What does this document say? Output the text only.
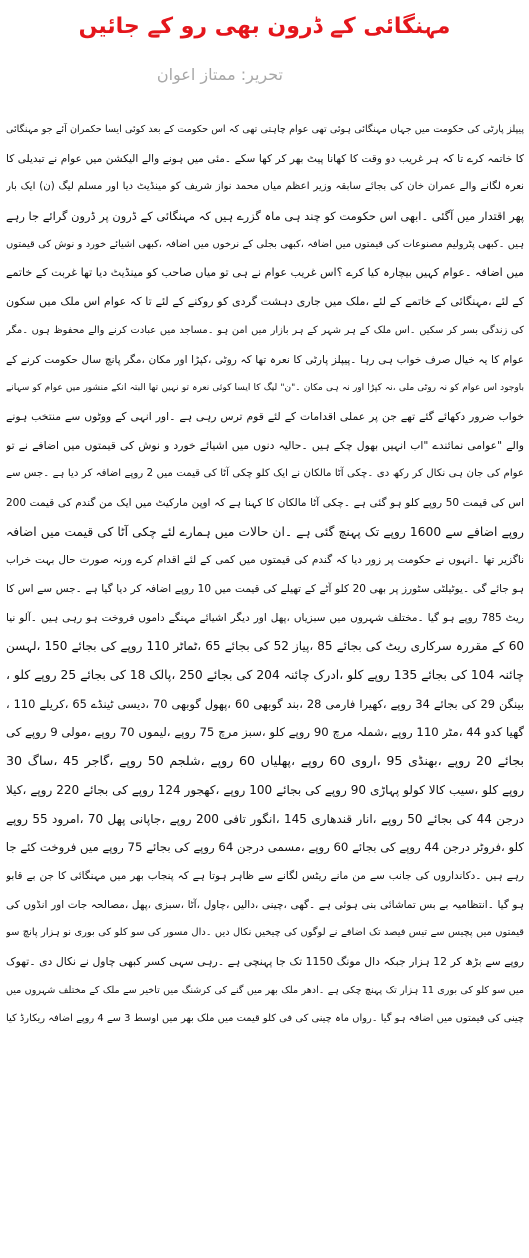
مہنگائی کے ڈرون بھی رو کے جائیں
تحریر: ممتاز اعوان
پیپلز پارٹی کی حکومت میں جہاں مہنگائی ہوئی تھی عوام چاہتی تھی کہ اس حکومت کے بعد کوئی ایسا حکمران آئے جو مہنگائی
کا خاتمہ کرے تا کہ ہر غریب دو وقت کا کھانا پیٹ بھر کر کھا سکے ۔مئی میں ہونے والے الیکشن میں عوام نے تبدیلی کا
نعرہ لگانے والے عمران خان کی بجائے سابقہ وزیر اعظم میاں محمد نواز شریف کو مینڈیٹ دیا اور مسلم لیگ (ن) ایک بار
پھر اقتدار میں آگئی ۔ابھی اس حکومت کو چند ہی ماہ گزرے ہیں کہ مہنگائی کے ڈرون پر ڈرون گرائے جا رہے
ہیں ۔کبھی پٹرولیم مصنوعات کی قیمتوں میں اضافہ ،کبھی بجلی کے نرخوں میں اضافہ ،کبھی اشیائے خورد و نوش کی قیمتوں
میں اضافہ ۔عوام کہیں بیچارہ کیا کرے ؟اس غریب عوام نے ہی تو میاں صاحب کو مینڈیٹ دیا تھا غربت کے خاتمے
کے لئے ،مہنگائی کے خاتمے کے لئے ،ملک میں جاری دہشت گردی کو روکنے کے لئے تا کہ عوام اس ملک میں سکون
کی زندگی بسر کر سکیں ۔اس ملک کے ہر شہر کے ہر بازار میں امن ہو ۔مساجد میں عبادت کرنے والے محفوظ ہوں ۔مگر
عوام کا یہ خیال صرف خواب ہی رہا ۔پیپلز پارٹی کا نعرہ تھا کہ روٹی ،کپڑا اور مکان ،مگر پانچ سال حکومت کرنے کے
باوجود اس عوام کو نہ روٹی ملی ،نہ کپڑا اور نہ ہی مکان ۔"ن" لیگ کا ایسا کوئی نعرہ تو نہیں تھا البتہ انکے منشور میں عوام کو سہانے
خواب ضرور دکھائے گئے تھے جن پر عملی اقدامات کے لئے قوم ترس رہی ہے ۔اور انہی کے ووٹوں سے منتخب ہونے
والے "عوامی نمائندے "اب انہیں بھول چکے ہیں ۔حالیہ دنوں میں اشیائے خورد و نوش کی قیمتوں میں اضافے نے تو
عوام کی جان ہی نکال کر رکھ دی ۔چکی آٹا مالکان نے ایک کلو چکی آٹا کی قیمت میں 2 روپے اضافہ کر دیا ہے ۔جس سے
اس کی قیمت 50 روپے کلو ہو گئی ہے ۔چکی آٹا مالکان کا کہنا ہے کہ اوپن مارکیٹ میں ایک من گندم کی قیمت 200
روپے اضافے سے 1600 روپے تک پہنچ گئی ہے ۔ان حالات میں ہمارے لئے چکی آٹا کی قیمت میں اضافہ
ناگزیر تھا ۔انہوں نے حکومت پر زور دیا کہ گندم کی قیمتوں میں کمی کے لئے اقدام کرے ورنہ صورت حال بہت خراب
ہو جائے گی ۔یوٹیلٹی سٹورز پر بھی 20 کلو آٹے کے تھیلے کی قیمت میں 10 روپے اضافہ کر دیا گیا ہے ۔جس سے اس کا
ریٹ 785 روپے ہو گیا ۔مختلف شہروں میں سبزیاں ،پھل اور دیگر اشیائے مہنگے داموں فروخت ہو رہی ہیں ۔آلو نیا
60 کے مقررہ سرکاری ریٹ کی بجائے 85 ،پیاز 52 کی بجائے 65 ،ٹماٹر 110 روپے کی بجائے 150 ،لہسن
چائنہ 104 کی بجائے 135 روپے کلو ،ادرک چائنہ 204 کی بجائے 250 ،پالک 18 کی بجائے 25 روپے کلو ،
بینگن 29 کی بجائے 34 روپے ،کھیرا فارمی 28 ،بند گوبھی 60 ،پھول گوبھی 70 ،دیسی ٹینڈے 65 ،کریلے 110 ،
گھیا کدو 44 ،مٹر 110 روپے ،شملہ مرچ 90 روپے کلو ،سبز مرچ 75 روپے ،لیموں 70 روپے ،مولی 9 روپے کی
بجائے 20 روپے ،بھنڈی 95 ،اروی 60 روپے ،پھلیاں 60 روپے ،شلجم 50 روپے ،گاجر 45 ،ساگ 30
روپے کلو ،سیب کالا کولو پہاڑی 90 روپے کی بجائے 100 روپے ،کھجور 124 روپے کی بجائے 220 روپے ،کیلا
درجن 44 کی بجائے 50 روپے ،انار قندھاری 145 ،انگور تافی 200 روپے ،جاپانی پھل 70 ،امرود 55 روپے
کلو ،فروٹر درجن 44 روپے کی بجائے 60 روپے ،مسمی درجن 64 روپے کی بجائے 75 روپے میں فروخت کئے جا
رہے ہیں ۔دکانداروں کی جانب سے من مانے ریٹس لگانے سے ظاہر ہوتا ہے کہ پنجاب بھر میں مہنگائی کا جن بے قابو
ہو گیا ۔انتظامیہ بے بس تماشائی بنی ہوئی ہے ۔گھی ،چینی ،دالیں ،چاول ،آٹا ،سبزی ،پھل ،مصالحہ جات اور انڈوں کی
قیمتوں میں پچیس سے تیس فیصد تک اضافے نے لوگوں کی چیخیں نکال دیں ۔دال مسور کی سو کلو کی بوری نو ہزار پانچ سو
روپے سے بڑھ کر 12 ہزار جبکہ دال مونگ 1150 تک جا پہنچی ہے ۔رہی سہی کسر کبھی چاول نے نکال دی ۔تھوک
میں سو کلو کی بوری 11 ہزار تک پہنچ چکی ہے ۔ادھر ملک بھر میں گنے کی کرشنگ میں تاخیر سے ملک کے مختلف شہروں میں
چینی کی قیمتوں میں اضافہ ہو گیا ۔رواں ماہ چینی کی فی کلو قیمت میں ملک بھر میں اوسط 3 سے 4 روپے اضافہ ریکارڈ کیا
